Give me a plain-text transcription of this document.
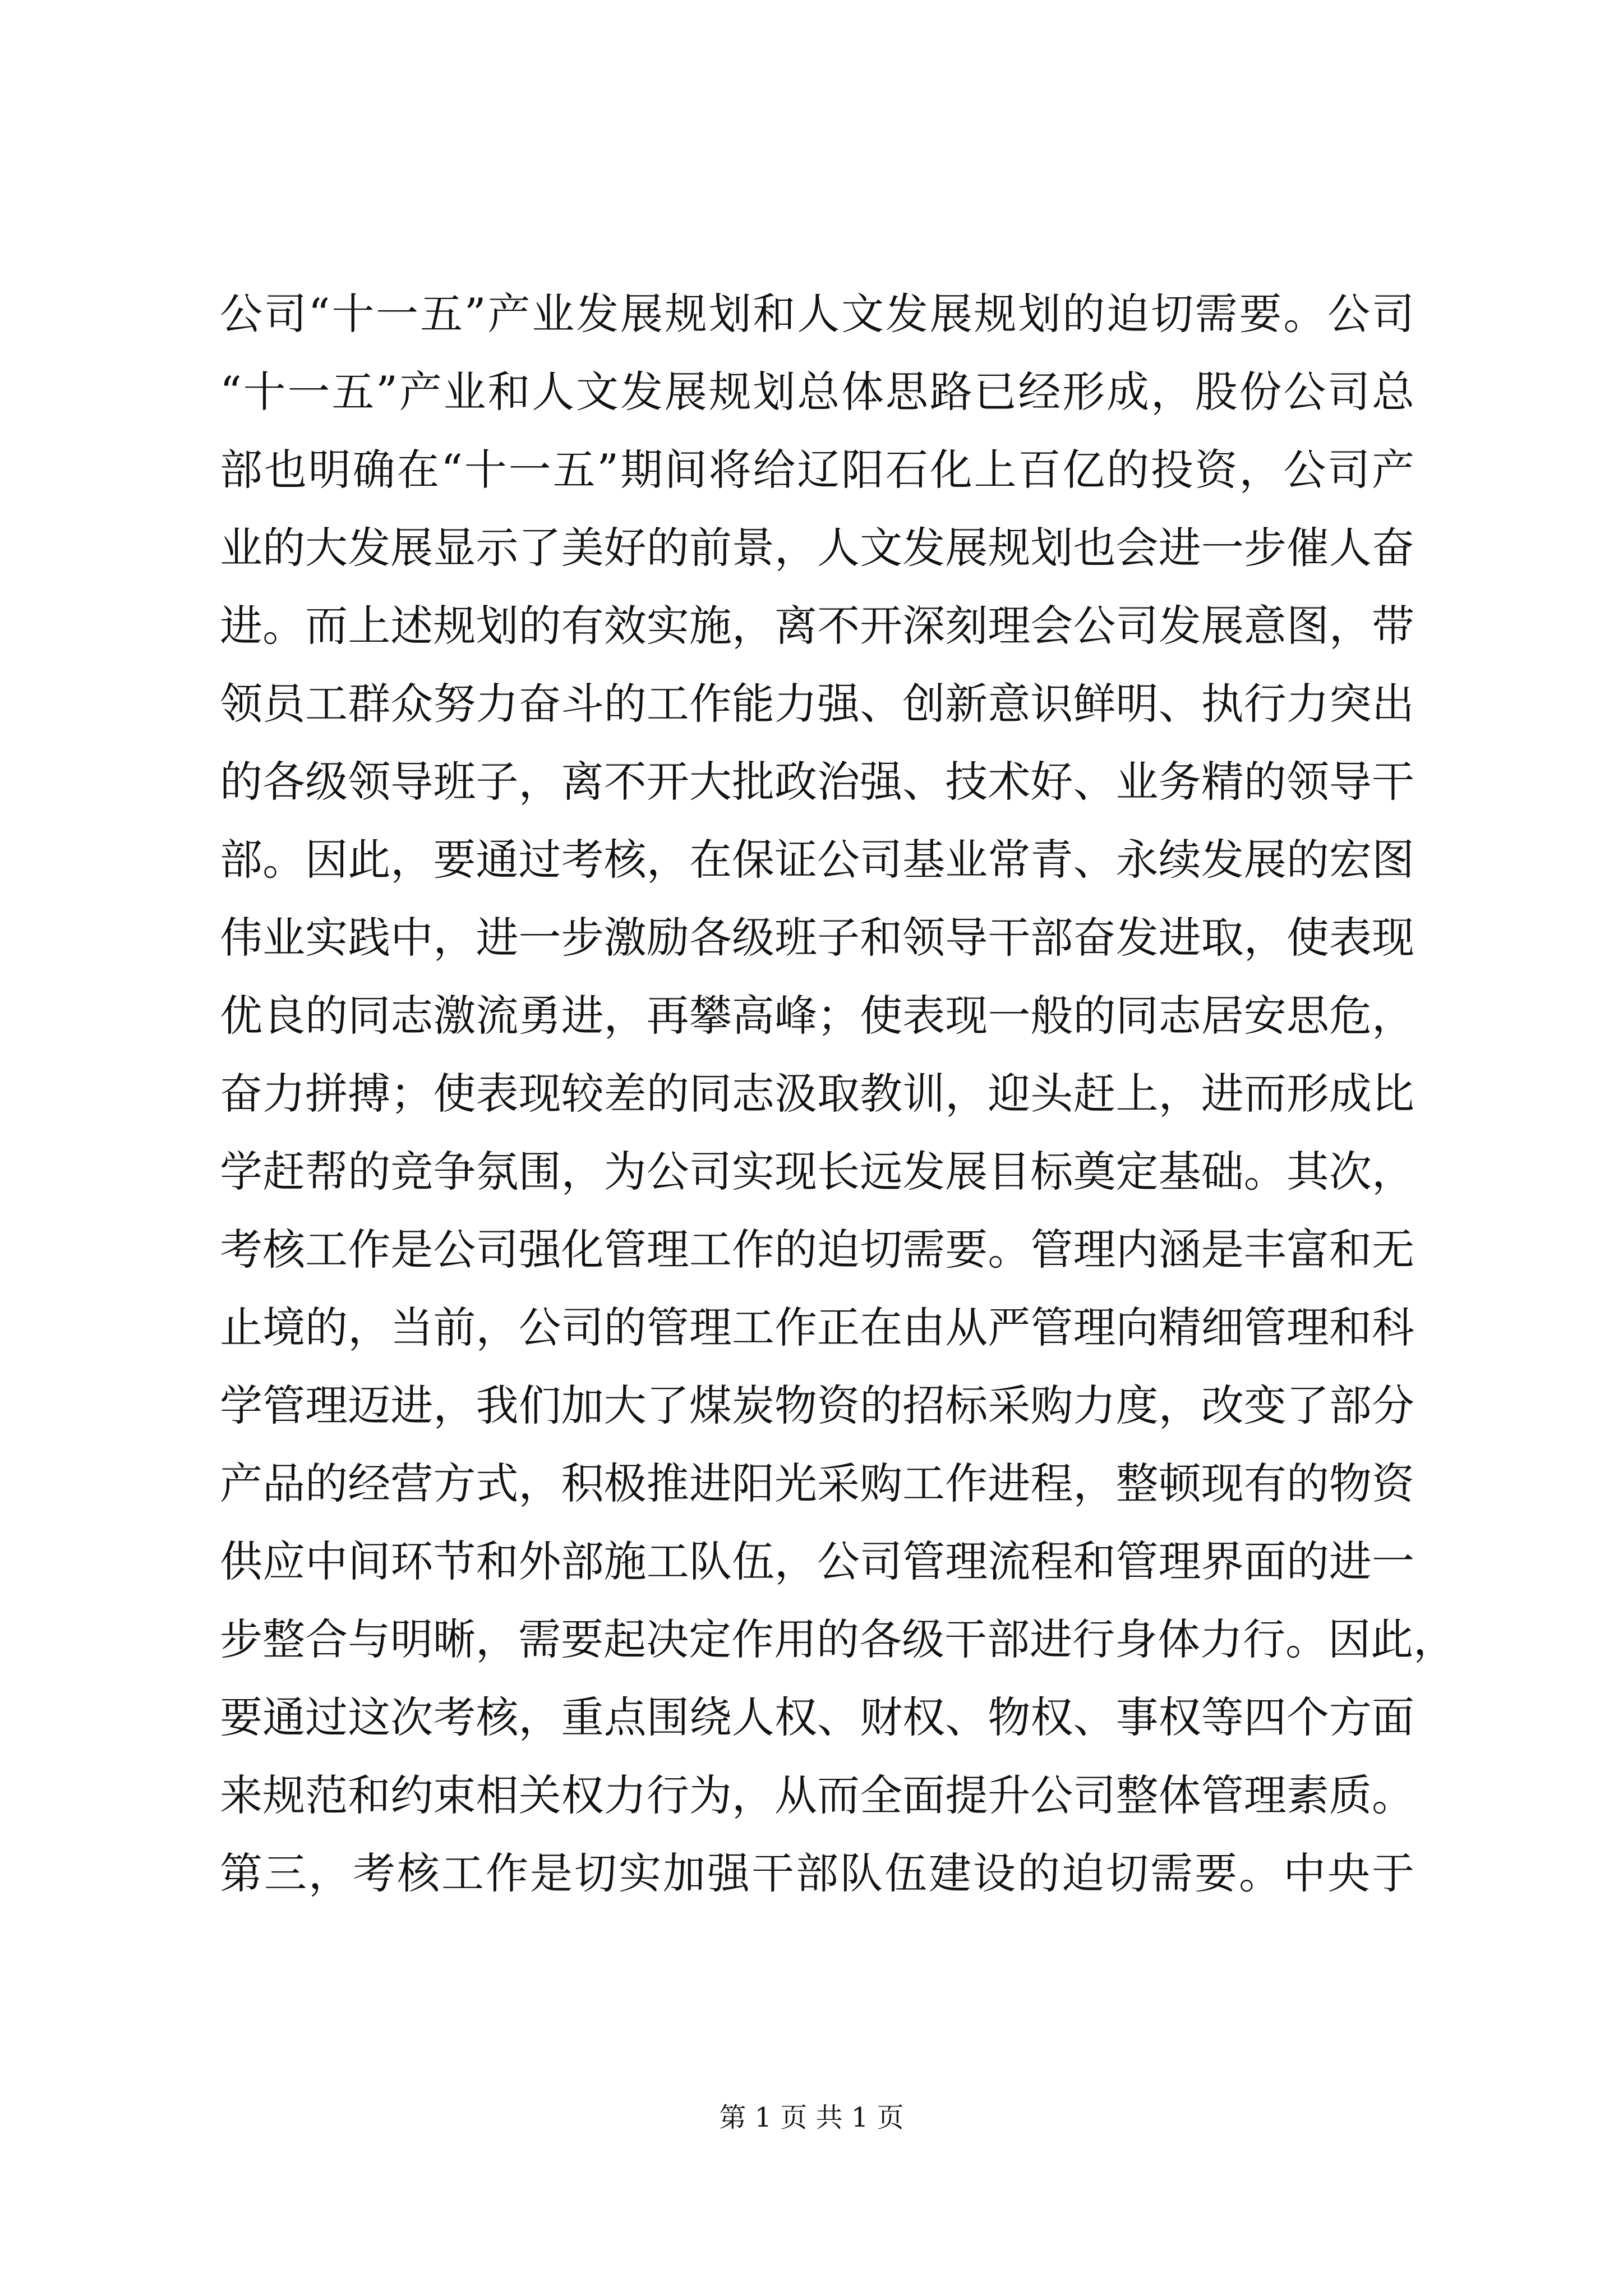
公司“十一五”产业发展规划和人文发展规划的迫切需要。公司
“十一五”产业和人文发展规划总体思路已经形成，股份公司总
部也明确在“十一五”期间将给辽阳石化上百亿的投资，公司产
业的大发展显示了美好的前景，人文发展规划也会进一步催人奋
进。而上述规划的有效实施，离不开深刻理会公司发展意图，带
领员工群众努力奋斗的工作能力强、创新意识鲜明、执行力突出
的各级领导班子，离不开大批政治强、技术好、业务精的领导干
部。因此，要通过考核，在保证公司基业常青、永续发展的宏图
伟业实践中，进一步激励各级班子和领导干部奋发进取，使表现
优良的同志激流勇进，再攀高峰；使表现一般的同志居安思危，
奋力拼搏；使表现较差的同志汲取教训，迎头赶上，进而形成比
学赶帮的竞争氛围，为公司实现长远发展目标奠定基础。其次，
考核工作是公司强化管理工作的迫切需要。管理内涵是丰富和无
止境的，当前，公司的管理工作正在由从严管理向精细管理和科
学管理迈进，我们加大了煤炭物资的招标采购力度，改变了部分
产品的经营方式，积极推进阳光采购工作进程，整顿现有的物资
供应中间环节和外部施工队伍，公司管理流程和管理界面的进一
步整合与明晰，需要起决定作用的各级干部进行身体力行。因此，
要通过这次考核，重点围绕人权、财权、物权、事权等四个方面
来规范和约束相关权力行为，从而全面提升公司整体管理素质。
第三，考核工作是切实加强干部队伍建设的迫切需要。中央于
第 1 页 共 1 页
